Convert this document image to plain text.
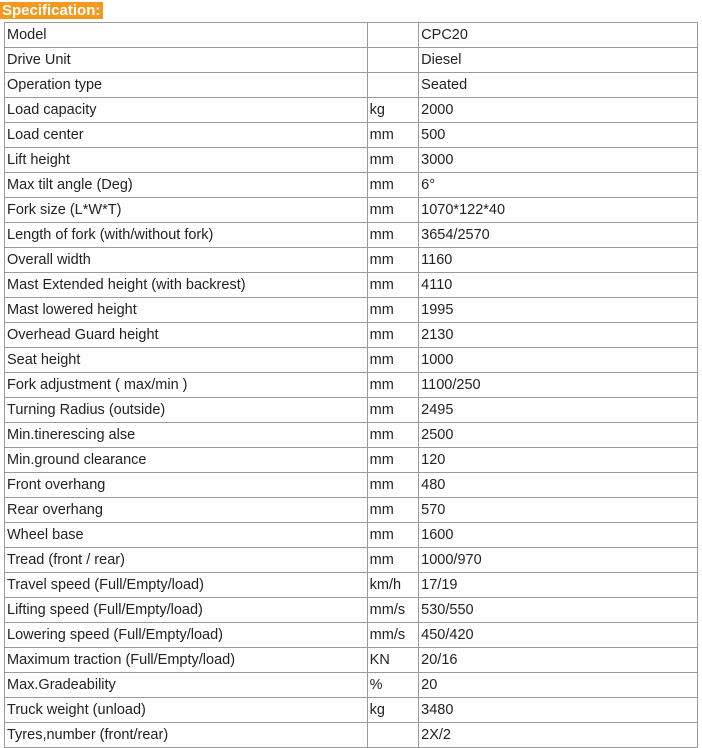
Specification:
Model		CPC20
Drive Unit		Diesel
Operation type		Seated
Load capacity	kg	2000
Load center	mm	500
Lift height	mm	3000
Max tilt angle (Deg)	mm	6°
Fork size (L*W*T)	mm	1070*122*40
Length of fork (with/without fork)	mm	3654/2570
Overall width	mm	1160
Mast Extended height (with backrest)	mm	4110
Mast lowered height	mm	1995
Overhead Guard height	mm	2130
Seat height	mm	1000
Fork adjustment ( max/min )	mm	1100/250
Turning Radius (outside)	mm	2495
Min.tinerescing alse	mm	2500
Min.ground clearance	mm	120
Front overhang	mm	480
Rear overhang	mm	570
Wheel base	mm	1600
Tread (front / rear)	mm	1000/970
Travel speed (Full/Empty/load)	km/h	17/19
Lifting speed (Full/Empty/load)	mm/s	530/550
Lowering speed (Full/Empty/load)	mm/s	450/420
Maximum traction (Full/Empty/load)	KN	20/16
Max.Gradeability	%	20
Truck weight (unload)	kg	3480
Tyres,number (front/rear)		2X/2
